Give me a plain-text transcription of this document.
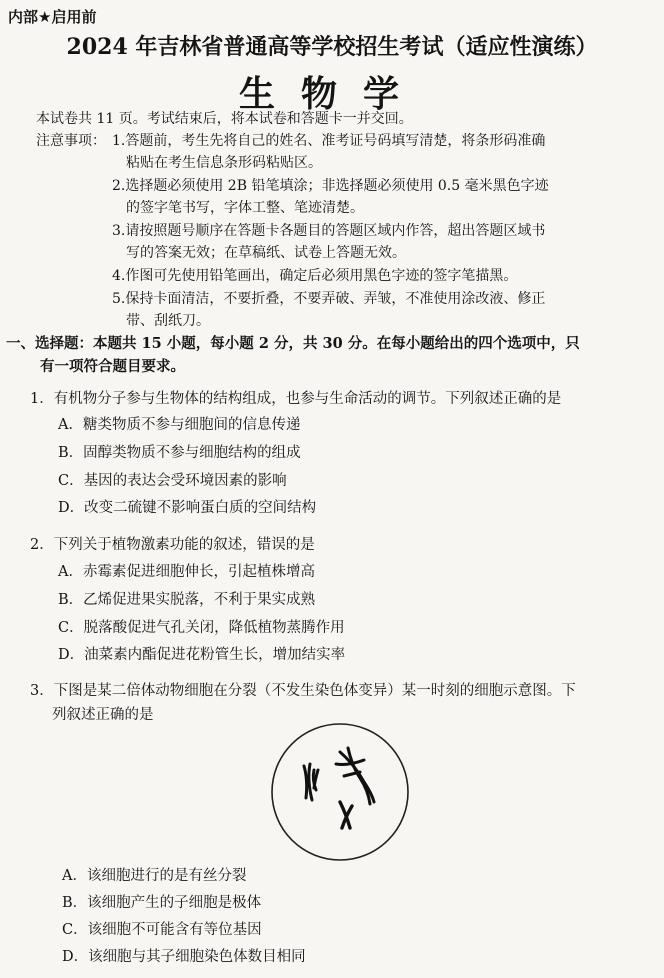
内部★启用前
2024 年吉林省普通高等学校招生考试（适应性演练）
生物学
本试卷共 11 页。考试结束后，将本试卷和答题卡一并交回。
注意事项： 1.答题前，考生先将自己的姓名、准考证号码填写清楚，将条形码准确
粘贴在考生信息条形码粘贴区。
2.选择题必须使用 2B 铅笔填涂；非选择题必须使用 0.5 毫米黑色字迹
的签字笔书写，字体工整、笔迹清楚。
3.请按照题号顺序在答题卡各题目的答题区域内作答，超出答题区域书
写的答案无效；在草稿纸、试卷上答题无效。
4.作图可先使用铅笔画出，确定后必须用黑色字迹的签字笔描黑。
5.保持卡面清洁，不要折叠，不要弄破、弄皱，不准使用涂改液、修正
带、刮纸刀。
一、选择题：本题共 15 小题，每小题 2 分，共 30 分。在每小题给出的四个选项中，只
有一项符合题目要求。
1．有机物分子参与生物体的结构组成，也参与生命活动的调节。下列叙述正确的是
A．糖类物质不参与细胞间的信息传递
B．固醇类物质不参与细胞结构的组成
C．基因的表达会受环境因素的影响
D．改变二硫键不影响蛋白质的空间结构
2．下列关于植物激素功能的叙述，错误的是
A．赤霉素促进细胞伸长，引起植株增高
B．乙烯促进果实脱落，不利于果实成熟
C．脱落酸促进气孔关闭，降低植物蒸腾作用
D．油菜素内酯促进花粉管生长，增加结实率
3．下图是某二倍体动物细胞在分裂（不发生染色体变异）某一时刻的细胞示意图。下
列叙述正确的是
A．该细胞进行的是有丝分裂
B．该细胞产生的子细胞是极体
C．该细胞不可能含有等位基因
D．该细胞与其子细胞染色体数目相同
